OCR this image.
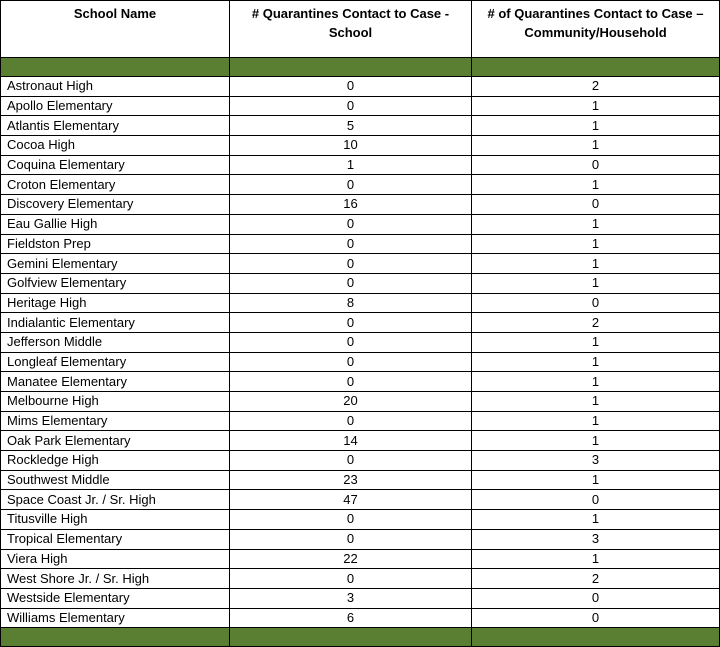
School Name	# Quarantines Contact to Case - School	# of Quarantines Contact to Case – Community/Household

Astronaut High	0	2
Apollo Elementary	0	1
Atlantis Elementary	5	1
Cocoa High	10	1
Coquina Elementary	1	0
Croton Elementary	0	1
Discovery Elementary	16	0
Eau Gallie High	0	1
Fieldston Prep	0	1
Gemini Elementary	0	1
Golfview Elementary	0	1
Heritage High	8	0
Indialantic Elementary	0	2
Jefferson Middle	0	1
Longleaf Elementary	0	1
Manatee Elementary	0	1
Melbourne High	20	1
Mims Elementary	0	1
Oak Park Elementary	14	1
Rockledge High	0	3
Southwest Middle	23	1
Space Coast Jr. / Sr. High	47	0
Titusville High	0	1
Tropical Elementary	0	3
Viera High	22	1
West Shore Jr. / Sr. High	0	2
Westside Elementary	3	0
Williams Elementary	6	0
